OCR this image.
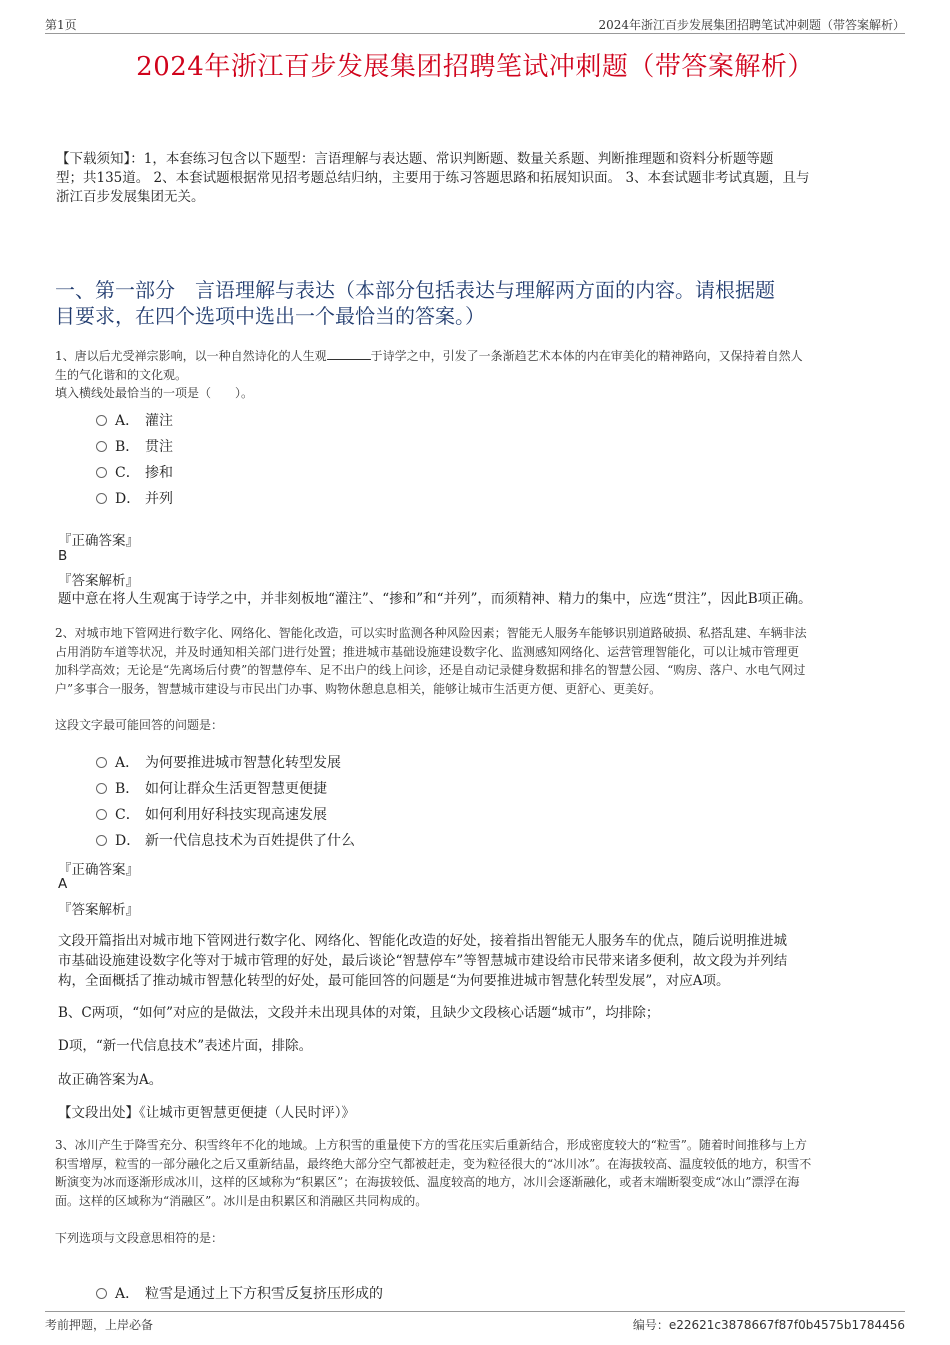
第1页	2024年浙江百步发展集团招聘笔试冲刺题（带答案解析）
2024年浙江百步发展集团招聘笔试冲刺题（带答案解析）
【下载须知】：1，本套练习包含以下题型：言语理解与表达题、常识判断题、数量关系题、判断推理题和资料分析题等题
型；共135道。 2、本套试题根据常见招考题总结归纳，主要用于练习答题思路和拓展知识面。 3、本套试题非考试真题，且与
浙江百步发展集团无关。
一、第一部分　言语理解与表达（本部分包括表达与理解两方面的内容。请根据题
目要求，在四个选项中选出一个最恰当的答案。）
1、唐以后尤受禅宗影响，以一种自然诗化的人生观	于诗学之中，引发了一条渐趋艺术本体的内在审美化的精神路向，又保持着自然人
生的气化谐和的文化观。
填入横线处最恰当的一项是（　　）。
A． 灌注
B． 贯注
C． 掺和
D． 并列
『正确答案』
B
『答案解析』
题中意在将人生观寓于诗学之中，并非刻板地“灌注”、“掺和”和“并列”，而须精神、精力的集中，应选“贯注”，因此B项正确。
2、对城市地下管网进行数字化、网络化、智能化改造，可以实时监测各种风险因素；智能无人服务车能够识别道路破损、私搭乱建、车辆非法
占用消防车道等状况，并及时通知相关部门进行处置；推进城市基础设施建设数字化、监测感知网络化、运营管理智能化，可以让城市管理更
加科学高效；无论是“先离场后付费”的智慧停车、足不出户的线上问诊，还是自动记录健身数据和排名的智慧公园、“购房、落户、水电气网过
户”多事合一服务，智慧城市建设与市民出门办事、购物休憩息息相关，能够让城市生活更方便、更舒心、更美好。
这段文字最可能回答的问题是：
A． 为何要推进城市智慧化转型发展
B． 如何让群众生活更智慧更便捷
C． 如何利用好科技实现高速发展
D． 新一代信息技术为百姓提供了什么
『正确答案』
A
『答案解析』
文段开篇指出对城市地下管网进行数字化、网络化、智能化改造的好处，接着指出智能无人服务车的优点，随后说明推进城
市基础设施建设数字化等对于城市管理的好处，最后谈论“智慧停车”等智慧城市建设给市民带来诸多便利，故文段为并列结
构，全面概括了推动城市智慧化转型的好处，最可能回答的问题是“为何要推进城市智慧化转型发展”，对应A项。
B、C两项，“如何”对应的是做法，文段并未出现具体的对策，且缺少文段核心话题“城市”，均排除；
D项，“新一代信息技术”表述片面，排除。
故正确答案为A。
【文段出处】《让城市更智慧更便捷（人民时评）》
3、冰川产生于降雪充分、积雪终年不化的地域。上方积雪的重量使下方的雪花压实后重新结合，形成密度较大的“粒雪”。随着时间推移与上方
积雪增厚，粒雪的一部分融化之后又重新结晶，最终绝大部分空气都被赶走，变为粒径很大的“冰川冰”。在海拔较高、温度较低的地方，积雪不
断演变为冰而逐渐形成冰川，这样的区域称为“积累区”；在海拔较低、温度较高的地方，冰川会逐渐融化，或者末端断裂变成“冰山”漂浮在海
面。这样的区域称为“消融区”。冰川是由积累区和消融区共同构成的。
下列选项与文段意思相符的是：
A． 粒雪是通过上下方积雪反复挤压形成的
考前押题，上岸必备	编号：e22621c3878667f87f0b4575b1784456
